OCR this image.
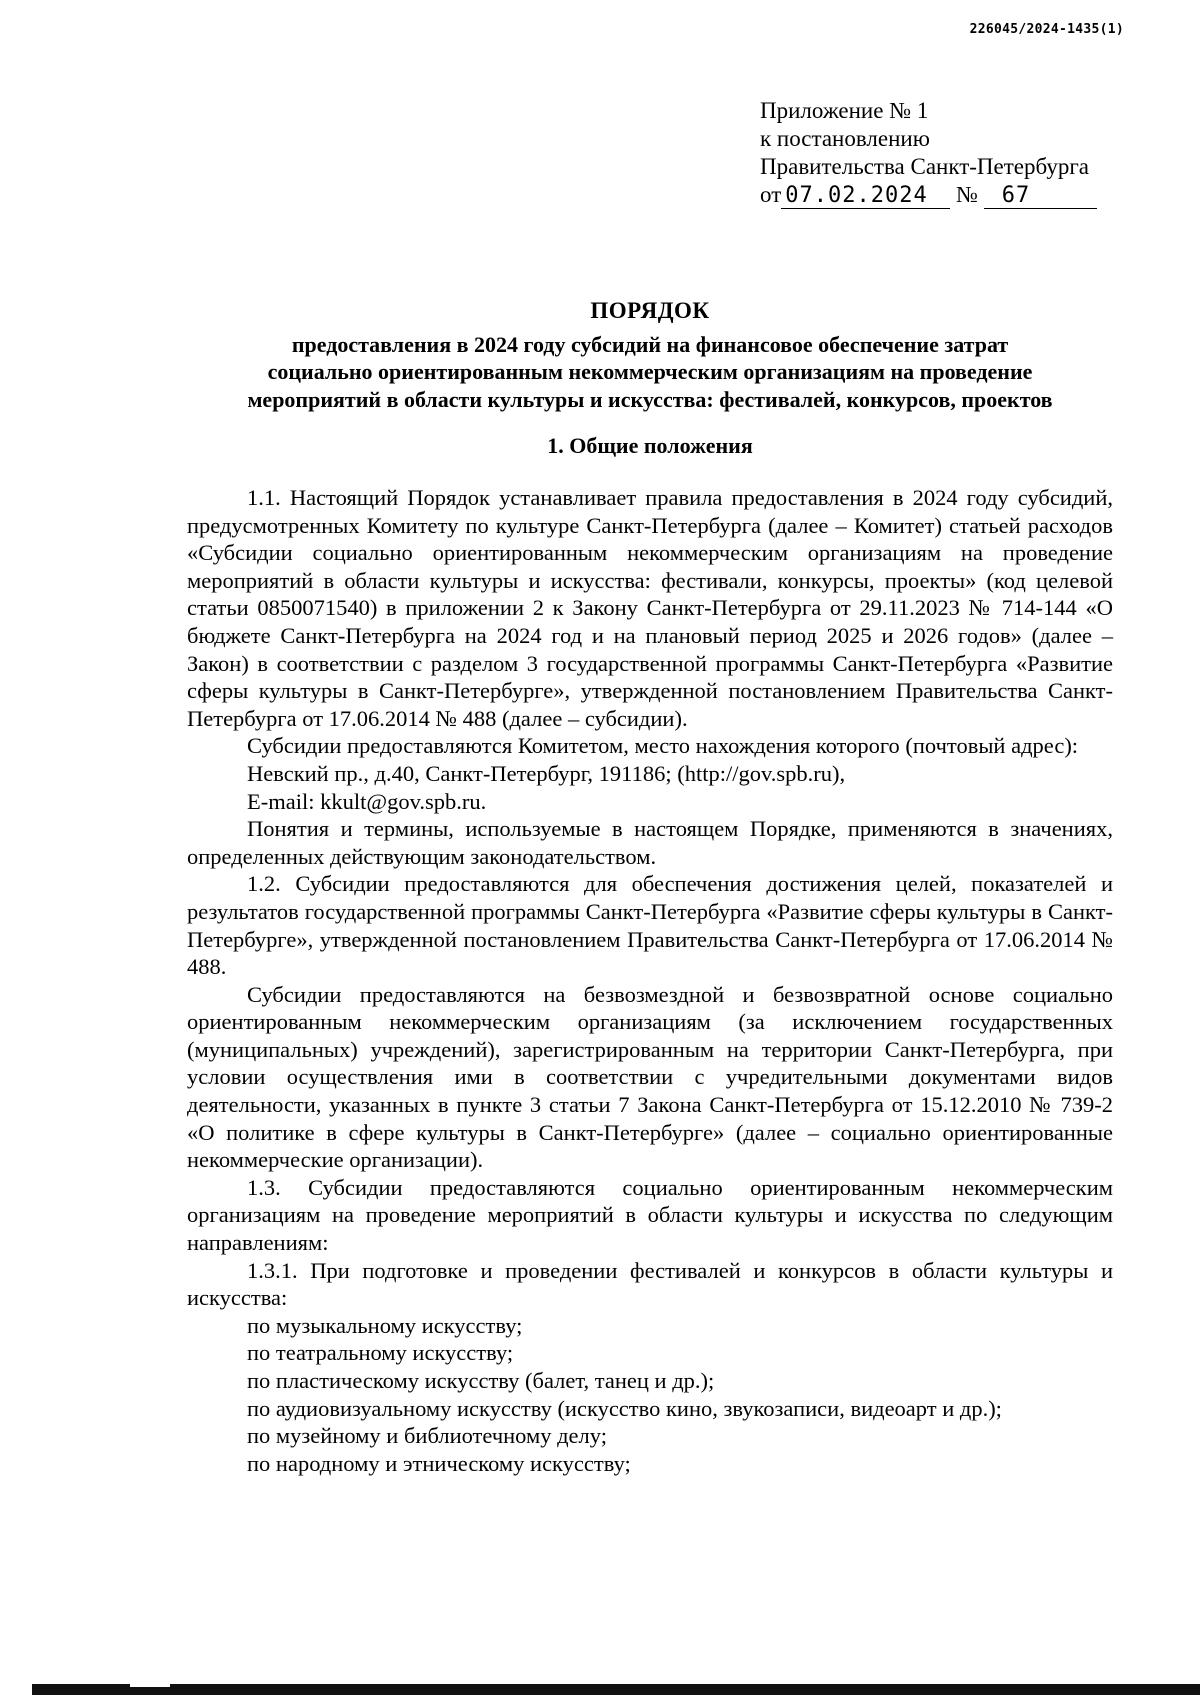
226045/2024-1435(1)
Приложение № 1
к постановлению
Правительства Санкт-Петербурга
от 07.02.2024 № 67
ПОРЯДОК
предоставления в 2024 году субсидий на финансовое обеспечение затрат
социально ориентированным некоммерческим организациям на проведение
мероприятий в области культуры и искусства: фестивалей, конкурсов, проектов
1. Общие положения

1.1. Настоящий Порядок устанавливает правила предоставления в 2024 году субсидий, предусмотренных Комитету по культуре Санкт-Петербурга (далее – Комитет) статьей расходов «Субсидии социально ориентированным некоммерческим организациям на проведение мероприятий в области культуры и искусства: фестивали, конкурсы, проекты» (код целевой статьи 0850071540) в приложении 2 к Закону Санкт-Петербурга от 29.11.2023 № 714-144 «О бюджете Санкт-Петербурга на 2024 год и на плановый период 2025 и 2026 годов» (далее – Закон) в соответствии с разделом 3 государственной программы Санкт-Петербурга «Развитие сферы культуры в Санкт-Петербурге», утвержденной постановлением Правительства Санкт-Петербурга от 17.06.2014 № 488 (далее – субсидии).

Субсидии предоставляются Комитетом, место нахождения которого (почтовый адрес):

Невский пр., д.40, Санкт-Петербург, 191186; (http://gov.spb.ru),

E-mail: kkult@gov.spb.ru.

Понятия и термины, используемые в настоящем Порядке, применяются в значениях, определенных действующим законодательством.

1.2. Субсидии предоставляются для обеспечения достижения целей, показателей и результатов государственной программы Санкт-Петербурга «Развитие сферы культуры в Санкт-Петербурге», утвержденной постановлением Правительства Санкт-Петербурга от 17.06.2014 № 488.

Субсидии предоставляются на безвозмездной и безвозвратной основе социально ориентированным некоммерческим организациям (за исключением государственных (муниципальных) учреждений), зарегистрированным на территории Санкт-Петербурга, при условии осуществления ими в соответствии с учредительными документами видов деятельности, указанных в пункте 3 статьи 7 Закона Санкт-Петербурга от 15.12.2010 № 739-2 «О политике в сфере культуры в Санкт-Петербурге» (далее – социально ориентированные некоммерческие организации).

1.3. Субсидии предоставляются социально ориентированным некоммерческим организациям на проведение мероприятий в области культуры и искусства по следующим направлениям:

1.3.1. При подготовке и проведении фестивалей и конкурсов в области культуры и искусства:

по музыкальному искусству;

по театральному искусству;

по пластическому искусству (балет, танец и др.);

по аудиовизуальному искусству (искусство кино, звукозаписи, видеоарт и др.);

по музейному и библиотечному делу;

по народному и этническому искусству;
